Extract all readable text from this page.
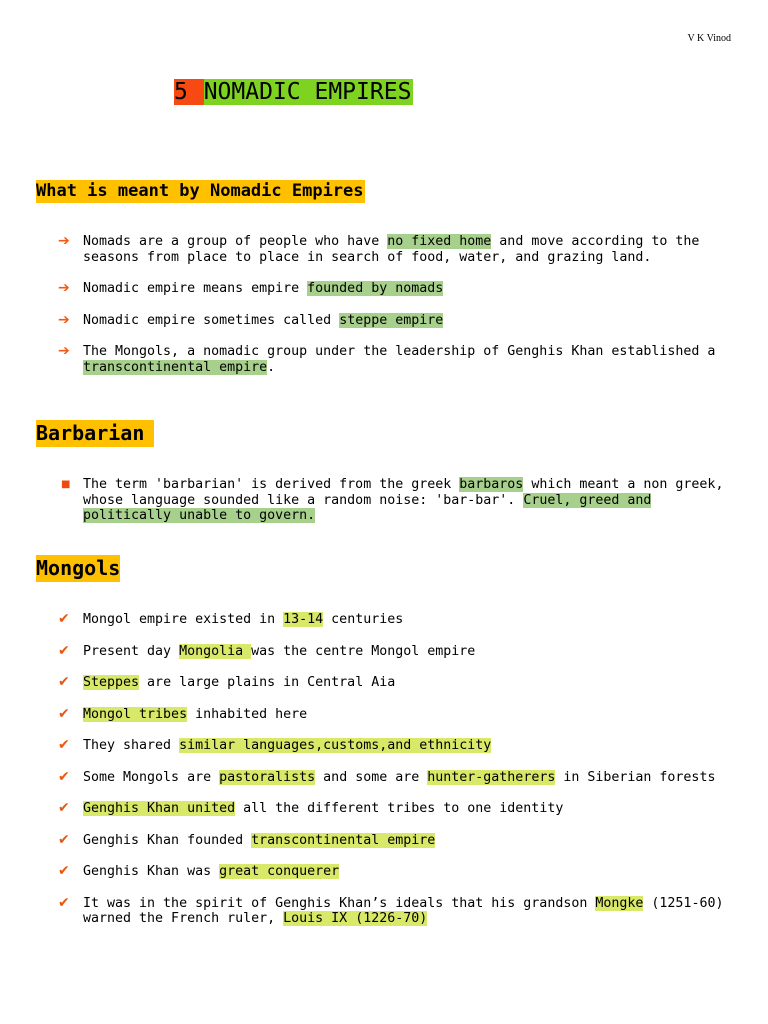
V K Vinod
5 NOMADIC EMPIRES
What is meant by Nomadic Empires
➔ Nomads are a group of people who have no fixed home and move according to the seasons from place to place in search of food, water, and grazing land.
➔ Nomadic empire means empire founded by nomads
➔ Nomadic empire sometimes called steppe empire
➔ The Mongols, a nomadic group under the leadership of Genghis Khan established a transcontinental empire.
Barbarian
■ The term 'barbarian' is derived from the greek barbaros which meant a non greek, whose language sounded like a random noise: 'bar-bar'. Cruel, greed and politically unable to govern.
Mongols
✔ Mongol empire existed in 13-14 centuries
✔ Present day Mongolia was the centre Mongol empire
✔ Steppes are large plains in Central Aia
✔ Mongol tribes inhabited here
✔ They shared similar languages,customs,and ethnicity
✔ Some Mongols are pastoralists and some are hunter-gatherers in Siberian forests
✔ Genghis Khan united all the different tribes to one identity
✔ Genghis Khan founded transcontinental empire
✔ Genghis Khan was great conquerer
✔ It was in the spirit of Genghis Khan’s ideals that his grandson Mongke (1251-60) warned the French ruler, Louis IX (1226-70)
